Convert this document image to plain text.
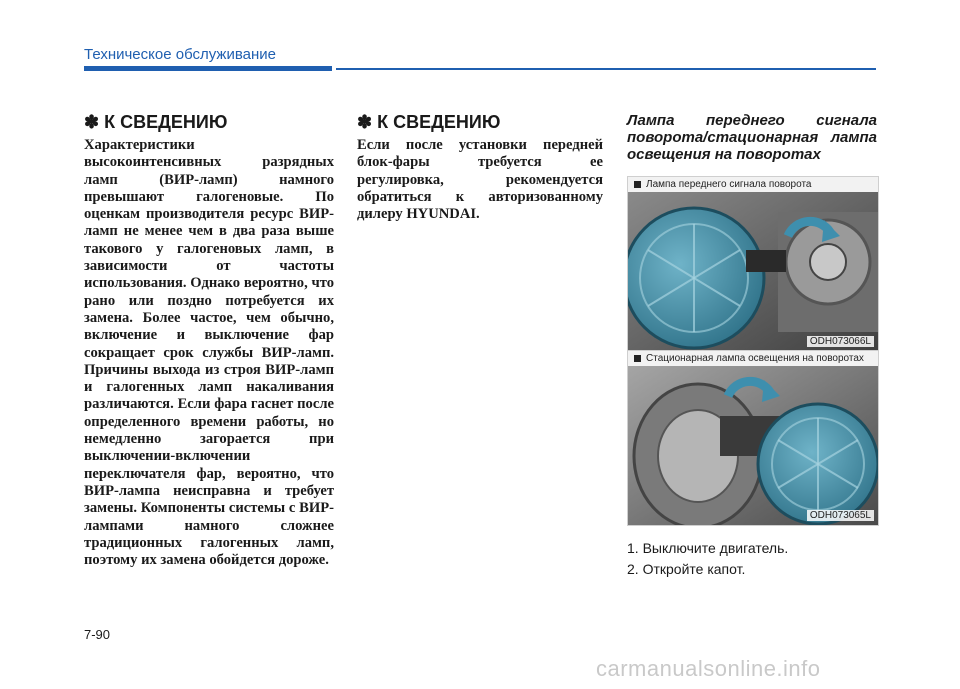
Техническое обслуживание
✽ К СВЕДЕНИЮ

Характеристики высокоинтенсивных разрядных ламп (ВИР-ламп) намного превышают галогеновые. По оценкам производителя ресурс ВИР-ламп не менее чем в два раза выше такового у галогеновых ламп, в зависимости от частоты использования. Однако вероятно, что рано или поздно потребуется их замена. Более частое, чем обычно, включение и выключение фар сокращает срок службы ВИР-ламп. Причины выхода из строя ВИР-ламп и галогенных ламп накаливания различаются. Если фара гаснет после определенного времени работы, но немедленно загорается при выключении-включении переключателя фар, вероятно, что ВИР-лампа неисправна и требует замены. Компоненты системы с ВИР-лампами намного сложнее традиционных галогенных ламп, поэтому их замена обойдется дороже.

✽ К СВЕДЕНИЮ

Если после установки передней блок-фары требуется ее регулировка, рекомендуется обратиться к авторизованному дилеру HYUNDAI.

Лампа переднего сигнала поворота/стационарная лампа освещения на поворотах

Лампа переднего сигнала поворота
ODH073066L
Стационарная лампа освещения на поворотах
ODH073065L

1. Выключите двигатель.

2. Откройте капот.

7-90
carmanualsonline.info
